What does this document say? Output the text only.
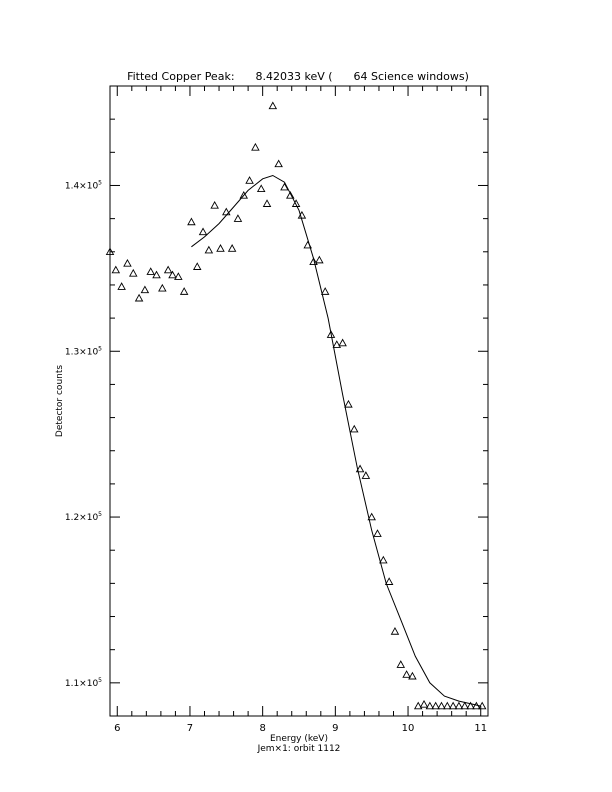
Fitted Copper Peak:      8.42033 keV (      64 Science windows)
6	7	8	9	10	11
$1.1\times 10^5$
$1.2\times 10^5$
$1.3\times 10^5$
$1.4\times 10^5$
Energy (keV)
Jem×1: orbit 1112
Detector counts
